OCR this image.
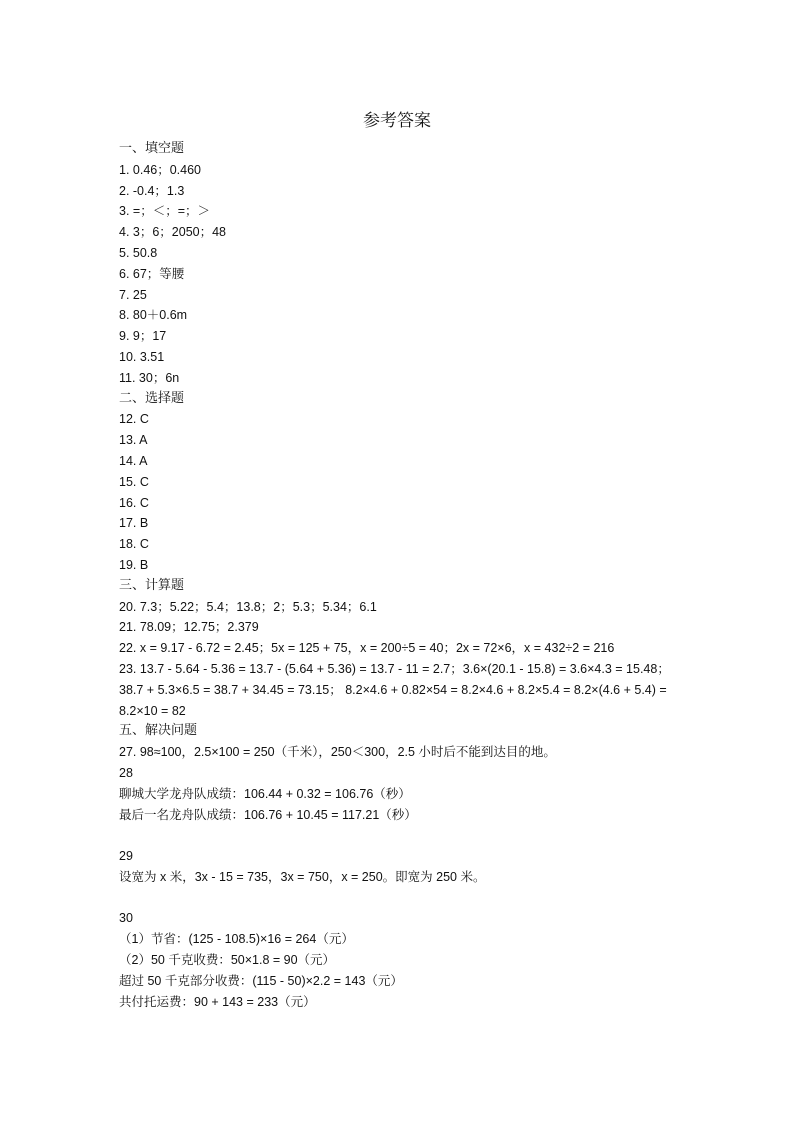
参考答案
一、填空题
1. 0.46；0.460
2. -0.4；1.3
3. =；＜；=；＞
4. 3；6；2050；48
5. 50.8
6. 67；等腰
7. 25
8. 80＋0.6m
9. 9；17
10. 3.51
11. 30；6n
二、选择题
12. C
13. A
14. A
15. C
16. C
17. B
18. C
19. B
三、计算题
20. 7.3；5.22；5.4；13.8；2；5.3；5.34；6.1
21. 78.09；12.75；2.379
22. x = 9.17 - 6.72 = 2.45；5x = 125 + 75，x = 200÷5 = 40；2x = 72×6，x = 432÷2 = 216
23. 13.7 - 5.64 - 5.36 = 13.7 - (5.64 + 5.36) = 13.7 - 11 = 2.7；3.6×(20.1 - 15.8) = 3.6×4.3 = 15.48；
38.7 + 5.3×6.5 = 38.7 + 34.45 = 73.15； 8.2×4.6 + 0.82×54 = 8.2×4.6 + 8.2×5.4 = 8.2×(4.6 + 5.4) =
8.2×10 = 82
五、解决问题
27. 98≈100，2.5×100 = 250（千米），250＜300，2.5 小时后不能到达目的地。
28
聊城大学龙舟队成绩：106.44 + 0.32 = 106.76（秒）
最后一名龙舟队成绩：106.76 + 10.45 = 117.21（秒）
29
设宽为 x 米，3x - 15 = 735，3x = 750，x = 250。即宽为 250 米。
30
（1）节省：(125 - 108.5)×16 = 264（元）
（2）50 千克收费：50×1.8 = 90（元）
超过 50 千克部分收费：(115 - 50)×2.2 = 143（元）
共付托运费：90 + 143 = 233（元）
